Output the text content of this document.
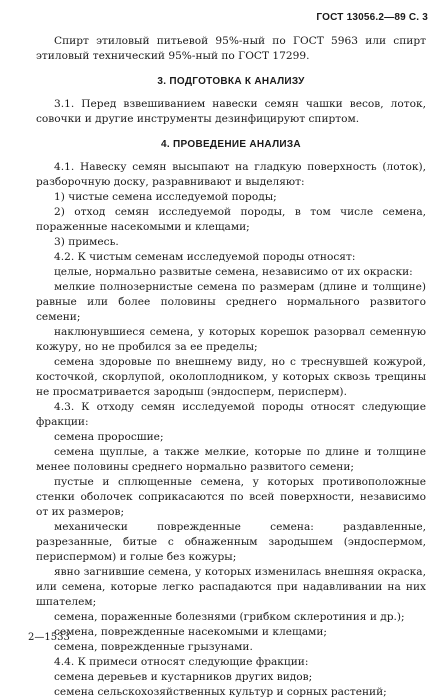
ГОСТ 13056.2—89 С. 3

Спирт этиловый питьевой 95%-ный по ГОСТ 5963 или спирт этиловый технический 95%-ный по ГОСТ 17299.

3. ПОДГОТОВКА К АНАЛИЗУ

3.1. Перед взвешиванием навески семян чашки весов, лоток, совочки и другие инструменты дезинфицируют спиртом.

4. ПРОВЕДЕНИЕ АНАЛИЗА

4.1. Навеску семян высыпают на гладкую поверхность (лоток), разборочную доску, разравнивают и выделяют:

1) чистые семена исследуемой породы;

2) отход семян исследуемой породы, в том числе семена, пораженные насекомыми и клещами;

3) примесь.

4.2. К чистым семенам исследуемой породы относят:

целые, нормально развитые семена, независимо от их окраски:

мелкие полнозернистые семена по размерам (длине и толщине) равные или более половины среднего нормального развитого семени;

наклюнувшиеся семена, у которых корешок разорвал семенную кожуру, но не пробился за ее пределы;

семена здоровые по внешнему виду, но с треснувшей кожурой, косточкой, скорлупой, околоплодником, у которых сквозь трещины не просматривается зародыш (эндосперм, перисперм).

4.3. К отходу семян исследуемой породы относят следующие фракции:

семена проросшие;

семена щуплые, а также мелкие, которые по длине и толщине менее половины среднего нормально развитого семени;

пустые и сплющенные семена, у которых противоположные стенки оболочек соприкасаются по всей поверхности, независимо от их размеров;

механически поврежденные семена: раздавленные, разрезанные, битые с обнаженным зародышем (эндоспермом, периспермом) и голые без кожуры;

явно загнившие семена, у которых изменилась внешняя окраска, или семена, которые легко распадаются при надавливании на них шпателем;

семена, пораженные болезнями (грибком склеротиния и др.);

семена, поврежденные насекомыми и клещами;

семена, поврежденные грызунами.

4.4. К примеси относят следующие фракции:

семена деревьев и кустарников других видов;

семена сельскохозяйственных культур и сорных растений;

2—1533
